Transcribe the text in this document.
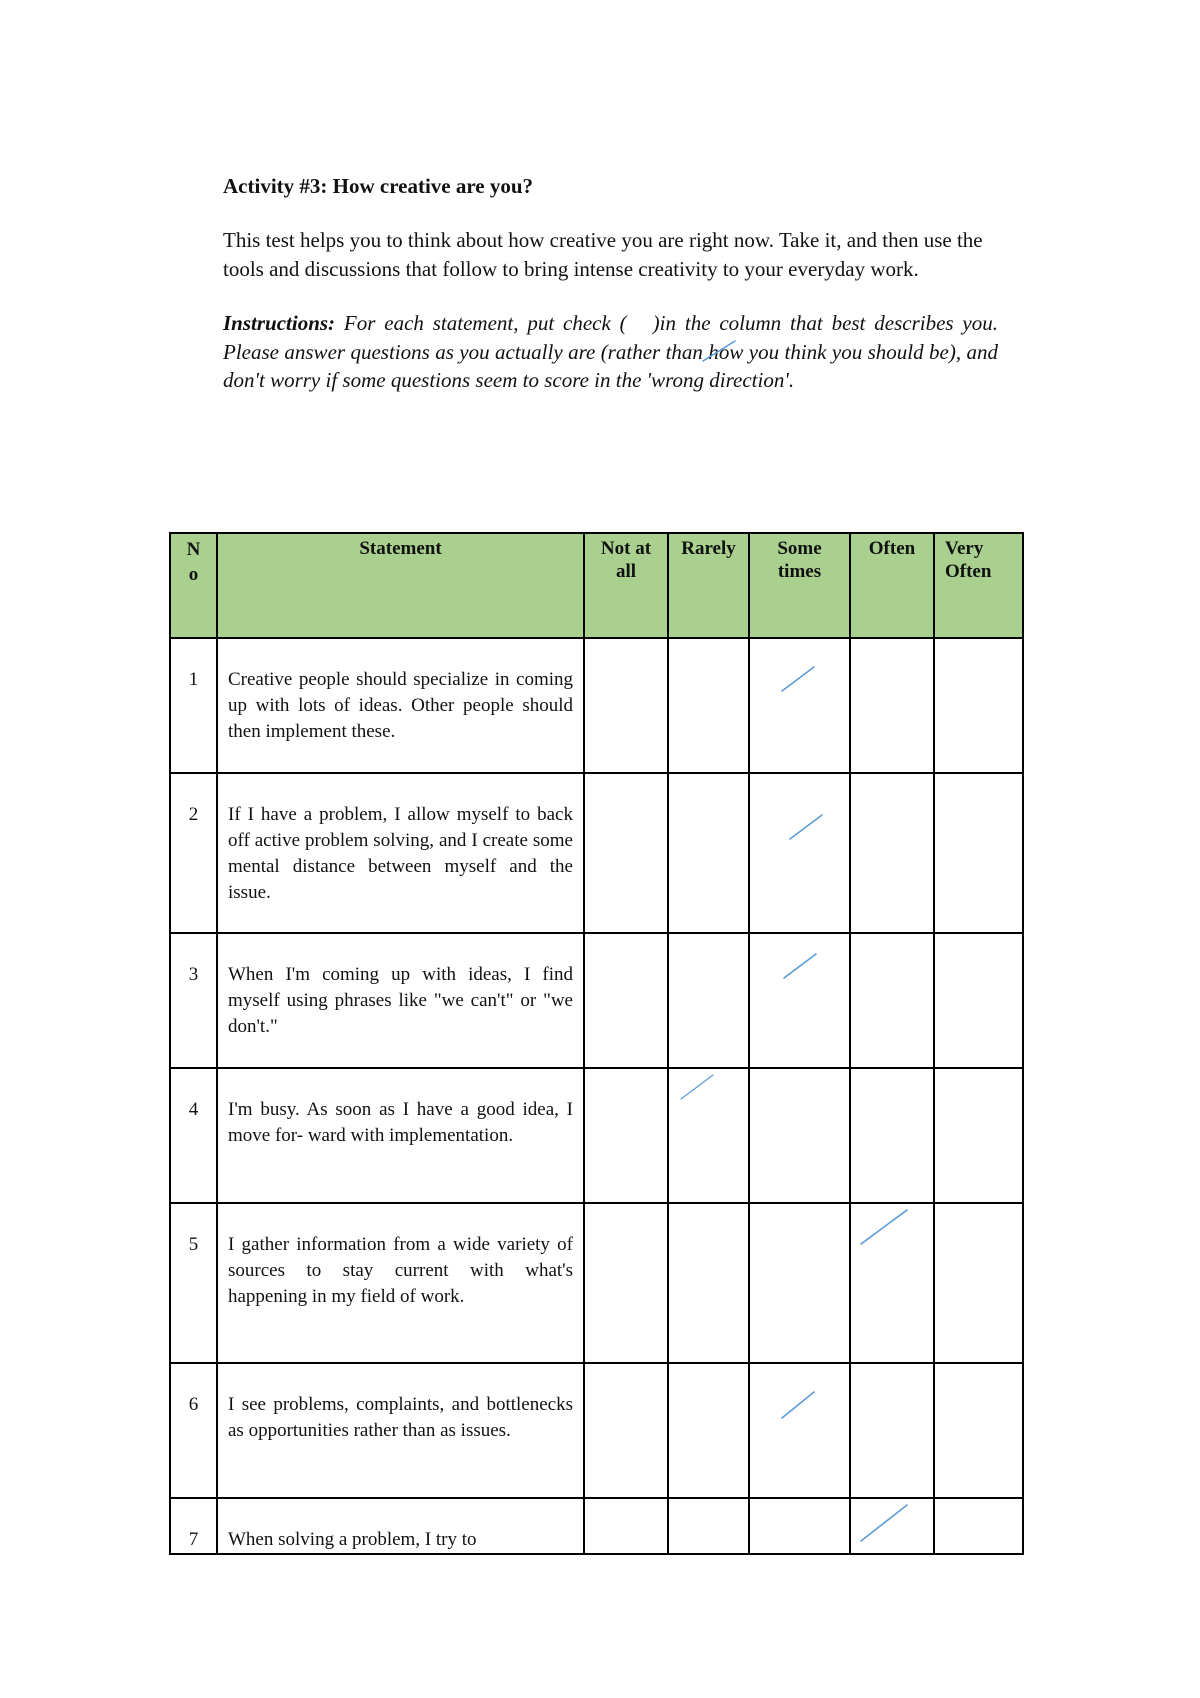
Activity #3: How creative are you?

This test helps you to think about how creative you are right now. Take it, and then use the tools and discussions that follow to bring intense creativity to your everyday work.

Instructions: For each statement, put check ( )in the column that best describes you. Please answer questions as you actually are (rather than how you think you should be), and don't worry if some questions seem to score in the 'wrong direction'.

N
o	Statement	Not at all	Rarely	Some times	Often	Very Often
1	Creative people should specialize in coming up with lots of ideas. Other people should then implement these.			

2	If I have a problem, I allow myself to back off active problem solving, and I create some mental distance between myself and the issue.			

3	When I'm coming up with ideas, I find myself using phrases like "we can't" or "we don't."			

4	I'm busy. As soon as I have a good idea, I move for- ward with implementation.		

5	I gather information from a wide variety of sources to stay current with what's happening in my field of work.				

6	I see problems, complaints, and bottlenecks as opportunities rather than as issues.			

7	When solving a problem, I try to				
